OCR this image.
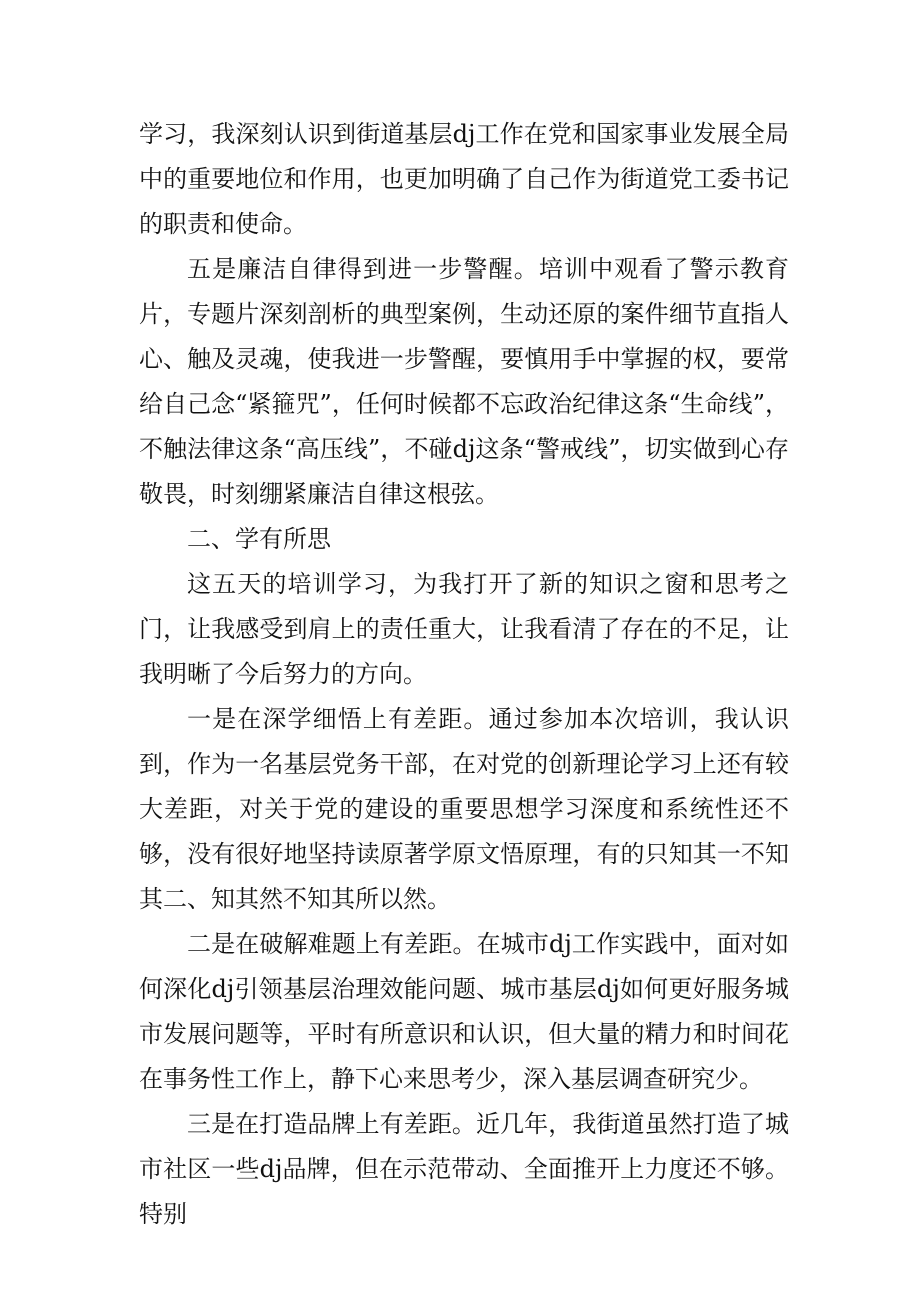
学习，我深刻认识到街道基层dj工作在党和国家事业发展全局中的重要地位和作用，也更加明确了自己作为街道党工委书记的职责和使命。

五是廉洁自律得到进一步警醒。培训中观看了警示教育片，专题片深刻剖析的典型案例，生动还原的案件细节直指人心、触及灵魂，使我进一步警醒，要慎用手中掌握的权，要常给自己念“紧箍咒”，任何时候都不忘政治纪律这条“生命线”，不触法律这条“高压线”，不碰dj这条“警戒线”，切实做到心存敬畏，时刻绷紧廉洁自律这根弦。

二、学有所思

这五天的培训学习，为我打开了新的知识之窗和思考之门，让我感受到肩上的责任重大，让我看清了存在的不足，让我明晰了今后努力的方向。

一是在深学细悟上有差距。通过参加本次培训，我认识到，作为一名基层党务干部，在对党的创新理论学习上还有较大差距，对关于党的建设的重要思想学习深度和系统性还不够，没有很好地坚持读原著学原文悟原理，有的只知其一不知其二、知其然不知其所以然。

二是在破解难题上有差距。在城市dj工作实践中，面对如何深化dj引领基层治理效能问题、城市基层dj如何更好服务城市发展问题等，平时有所意识和认识，但大量的精力和时间花在事务性工作上，静下心来思考少，深入基层调查研究少。

三是在打造品牌上有差距。近几年，我街道虽然打造了城市社区一些dj品牌，但在示范带动、全面推开上力度还不够。特别
